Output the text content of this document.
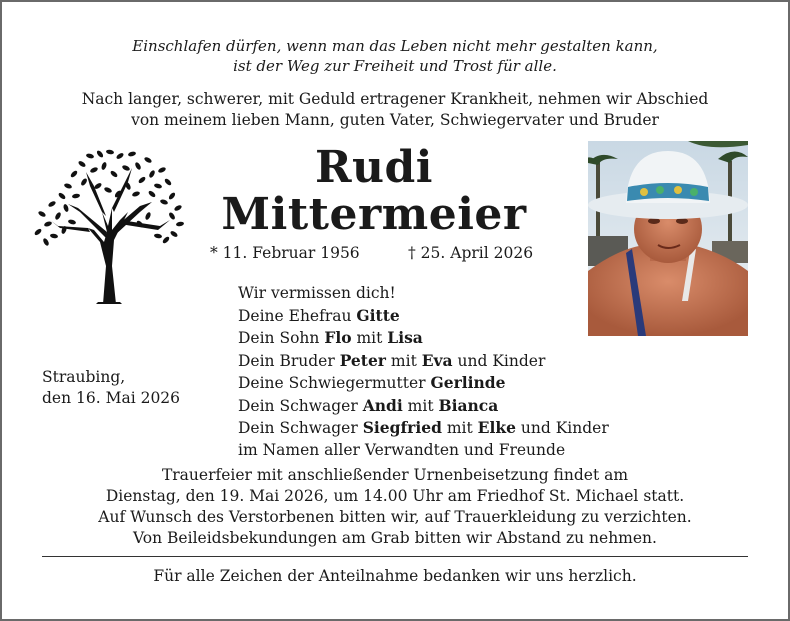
Einschlafen dürfen, wenn man das Leben nicht mehr gestalten kann,
ist der Weg zur Freiheit und Trost für alle.
Nach langer, schwerer, mit Geduld ertragener Krankheit, nehmen wir Abschied
von meinem lieben Mann, guten Vater, Schwiegervater und Bruder
Rudi
Mittermeier
* 11. Februar 1956	† 25. April 2026
Straubing,
den 16. Mai 2026
Wir vermissen dich!
Deine Ehefrau Gitte
Dein Sohn Flo mit Lisa
Dein Bruder Peter mit Eva und Kinder
Deine Schwiegermutter Gerlinde
Dein Schwager Andi mit Bianca
Dein Schwager Siegfried mit Elke und Kinder
im Namen aller Verwandten und Freunde
Trauerfeier mit anschließender Urnenbeisetzung findet am
Dienstag, den 19. Mai 2026, um 14.00 Uhr am Friedhof St. Michael statt.
Auf Wunsch des Verstorbenen bitten wir, auf Trauerkleidung zu verzichten.
Von Beileidsbekundungen am Grab bitten wir Abstand zu nehmen.
Für alle Zeichen der Anteilnahme bedanken wir uns herzlich.
